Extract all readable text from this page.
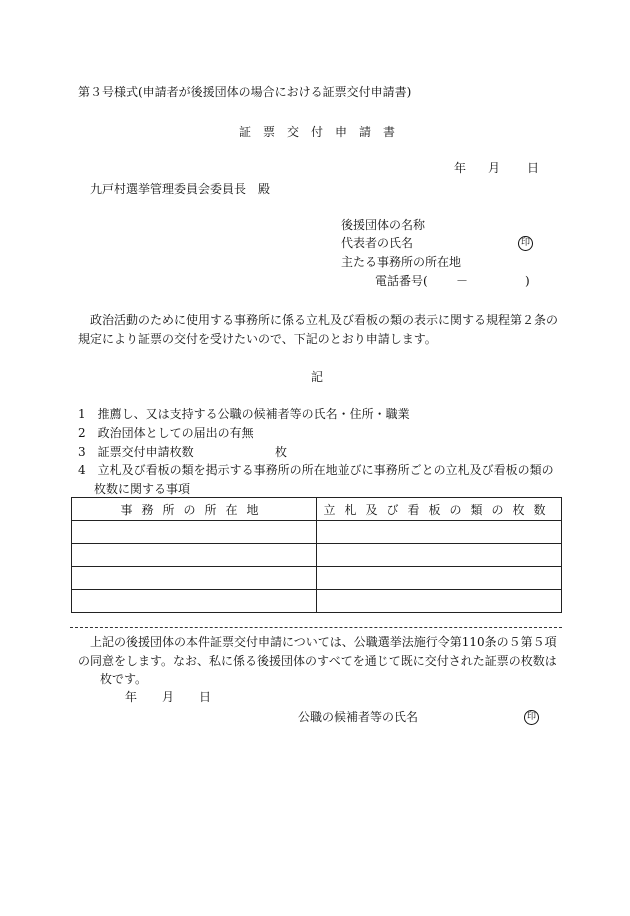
第３号様式(申請者が後援団体の場合における証票交付申請書)
証　票　交　付　申　請　書
年 月 日
九戸村選挙管理委員会委員長　殿
後援団体の名称
代表者の氏名	印
主たる事務所の所在地
電話番号( －	)
政治活動のために使用する事務所に係る立札及び看板の類の表示に関する規程第２条の
規定により証票の交付を受けたいので、下記のとおり申請します。
記
1　推薦し、又は支持する公職の候補者等の氏名・住所・職業
2　政治団体としての届出の有無
3　証票交付申請枚数	枚
4　立札及び看板の類を掲示する事務所の所在地並びに事務所ごとの立札及び看板の類の
枚数に関する事項
事務所の所在地	立札及び看板の類の枚数

上記の後援団体の本件証票交付申請については、公職選挙法施行令第110条の５第５項
の同意をします。なお、私に係る後援団体のすべてを通じて既に交付された証票の枚数は
枚です。
年 月 日
公職の候補者等の氏名	印
